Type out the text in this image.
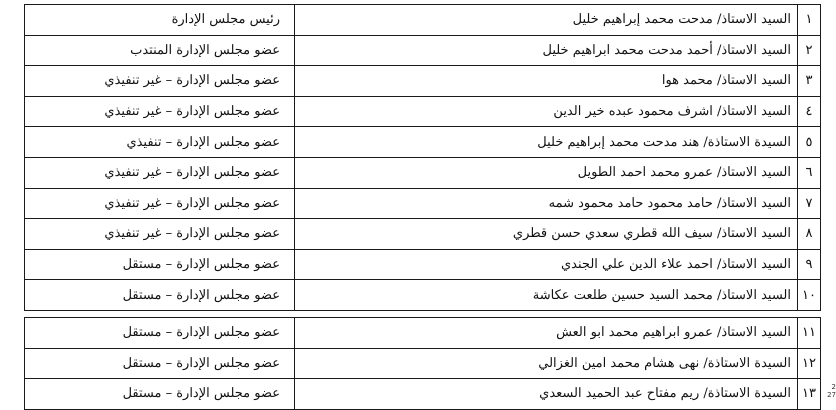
١	السيد الاستاذ/ مدحت محمد إبراهيم خليل	رئيس مجلس الإدارة
٢	السيد الاستاذ/ أحمد مدحت محمد ابراهيم خليل	عضو مجلس الإدارة المنتدب
٣	السيد الاستاذ/ محمد هوا	عضو مجلس الإدارة – غير تنفيذي
٤	السيد الاستاذ/ اشرف محمود عبده خير الدين	عضو مجلس الإدارة – غير تنفيذي
٥	السيدة الاستاذة/ هند مدحت محمد إبراهيم خليل	عضو مجلس الإدارة – تنفيذي
٦	السيد الاستاذ/ عمرو محمد احمد الطويل	عضو مجلس الإدارة – غير تنفيذي
٧	السيد الاستاذ/ حامد محمود حامد محمود شمه	عضو مجلس الإدارة – غير تنفيذي
٨	السيد الاستاذ/ سيف الله قطري سعدي حسن قطري	عضو مجلس الإدارة – غير تنفيذي
٩	السيد الاستاذ/ احمد علاء الدين علي الجندي	عضو مجلس الإدارة – مستقل
١٠	السيد الاستاذ/ محمد السيد حسين طلعت عكاشة	عضو مجلس الإدارة – مستقل

١١	السيد الاستاذ/ عمرو ابراهيم محمد ابو العش	عضو مجلس الإدارة – مستقل
١٢	السيدة الاستاذة/ نهى هشام محمد امين الغزالي	عضو مجلس الإدارة – مستقل
١٣	السيدة الاستاذة/ ريم مفتاح عبد الحميد السعدي	عضو مجلس الإدارة – مستقل	2
27
